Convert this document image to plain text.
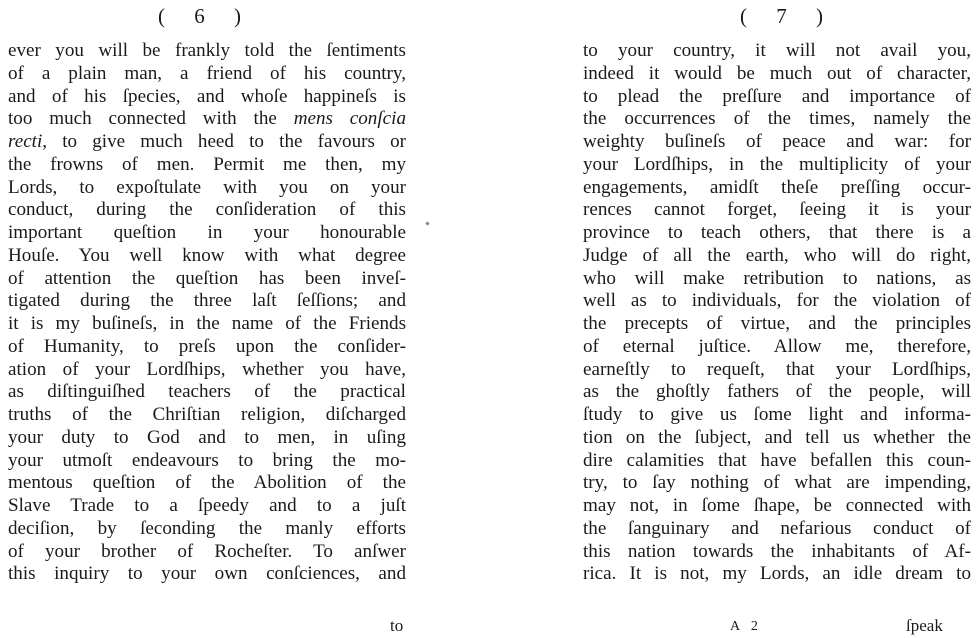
( 6 )
ever you will be frankly told the ſentiments
of a plain man, a friend of his country,
and of his ſpecies, and whoſe happineſs is
too much connected with the mens conſcia
recti, to give much heed to the favours or
the frowns of men. Permit me then, my
Lords, to expoſtulate with you on your
conduct, during the conſideration of this
important queſtion in your honourable
Houſe. You well know with what degree
of attention the queſtion has been inveſ-
tigated during the three laſt ſeſſions; and
it is my buſineſs, in the name of the Friends
of Humanity, to preſs upon the conſider-
ation of your Lordſhips, whether you have,
as diſtinguiſhed teachers of the practical
truths of the Chriſtian religion, diſcharged
your duty to God and to men, in uſing
your utmoſt endeavours to bring the mo-
mentous queſtion of the Abolition of the
Slave Trade to a ſpeedy and to a juſt
deciſion, by ſeconding the manly efforts
of your brother of Rocheſter. To anſwer
this inquiry to your own conſciences, and
to
( 7 )
to your country, it will not avail you,
indeed it would be much out of character,
to plead the preſſure and importance of
the occurrences of the times, namely the
weighty buſineſs of peace and war: for
your Lordſhips, in the multiplicity of your
engagements, amidſt theſe preſſing occur-
rences cannot forget, ſeeing it is your
province to teach others, that there is a
Judge of all the earth, who will do right,
who will make retribution to nations, as
well as to individuals, for the violation of
the precepts of virtue, and the principles
of eternal juſtice. Allow me, therefore,
earneſtly to requeſt, that your Lordſhips,
as the ghoſtly fathers of the people, will
ſtudy to give us ſome light and informa-
tion on the ſubject, and tell us whether the
dire calamities that have befallen this coun-
try, to ſay nothing of what are impending,
may not, in ſome ſhape, be connected with
the ſanguinary and nefarious conduct of
this nation towards the inhabitants of Af-
rica. It is not, my Lords, an idle dream to
A 2	ſpeak
